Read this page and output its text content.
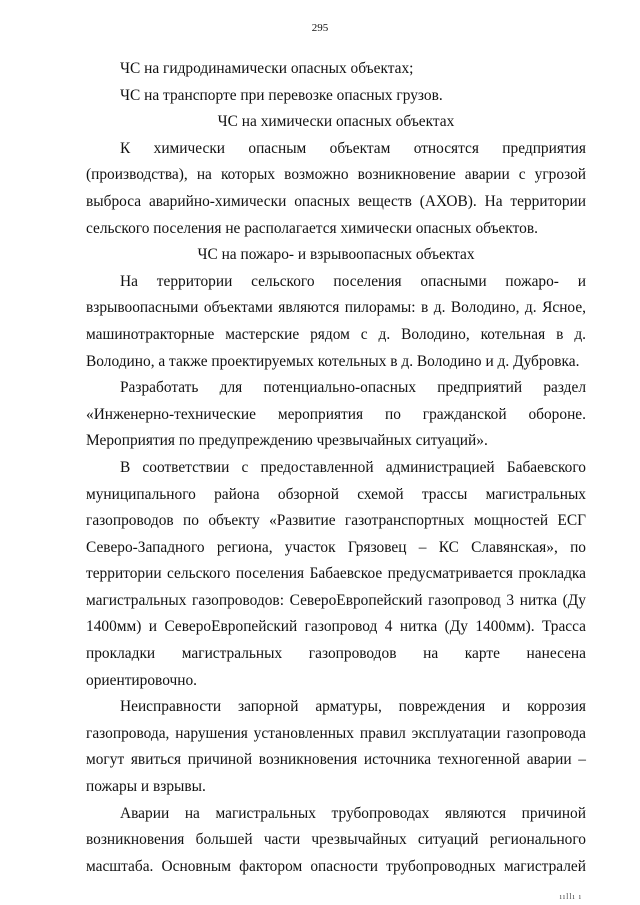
295

ЧС на гидродинамически опасных объектах;

ЧС на транспорте при перевозке опасных грузов.

ЧС на химически опасных объектах

К химически опасным объектам относятся предприятия (производства), на которых возможно возникновение аварии с угрозой выброса аварийно-химически опасных веществ (АХОВ). На территории сельского поселения не располагается химически опасных объектов.

ЧС на пожаро- и взрывоопасных объектах

На территории сельского поселения опасными пожаро- и взрывоопасными объектами являются пилорамы: в д. Володино, д. Ясное, машинотракторные мастерские рядом с д. Володино, котельная в д. Володино, а также проектируемых котельных в д. Володино и д. Дубровка.

Разработать для потенциально-опасных предприятий раздел «Инженерно-технические мероприятия по гражданской обороне. Мероприятия по предупреждению чрезвычайных ситуаций».

В соответствии с предоставленной администрацией Бабаевского муниципального района обзорной схемой трассы магистральных газопроводов по объекту «Развитие газотранспортных мощностей ЕСГ Северо-Западного региона, участок Грязовец – КС Славянская», по территории сельского поселения Бабаевское предусматривается прокладка магистральных газопроводов: СевероЕвропейский газопровод 3 нитка (Ду 1400мм) и СевероЕвропейский газопровод 4 нитка (Ду 1400мм). Трасса прокладки магистральных газопроводов на карте нанесена ориентировочно.

Неисправности запорной арматуры, повреждения и коррозия газопровода, нарушения установленных правил эксплуатации газопровода могут явиться причиной возникновения источника техногенной аварии – пожары и взрывы.

Аварии на магистральных трубопроводах являются причиной возникновения большей части чрезвычайных ситуаций регионального масштаба. Основным фактором опасности трубопроводных магистралей

ııllı ı
